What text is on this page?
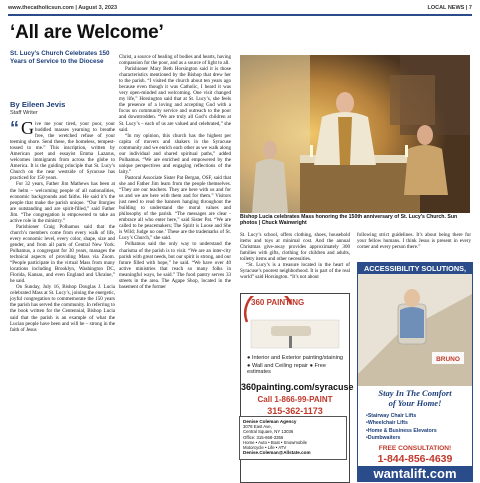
www.thecatholicsun.com | August 3, 2023	LOCAL NEWS | 7
‘All are Welcome’

St. Lucy’s Church Celebrates 150 Years of Service to the Diocese

By Eileen Jevis
Staff Writer

“ G ive me your tired, your poor, your huddled masses yearning to breathe free, the wretched refuse of your teeming shore. Send these, the homeless, tempest-tossed to me.” This inscription, written by American poet and essayist Emma Lazarus, welcomes immigrants from across the globe to America. It is the guiding principle that St. Lucy’s Church on the near westside of Syracuse has practiced for 150 years.

For 32 years, Father Jim Mathews has been at the helm – welcoming people of all nationalities, economic backgrounds and faiths. He said it’s the people that make the parish unique. “Our liturgies are outstanding and are spirit-filled,” said Father Jim. “The congregation is empowered to take an active role in the ministry.”

Parishioner Craig Polhamus said that the church’s members come from every walk of life, every economic level, every color, shape, size and gender, and from all parts of Central New York. Polhamus, a congregant for 30 years, manages the technical aspects of providing Mass via Zoom. “People participate in the virtual Mass from many locations including Brooklyn, Washington DC, Florida, Kansas, and even England and Ukraine,” he said.

On Sunday, July 16, Bishop Douglas J. Lucia celebrated Mass at St. Lucy’s, joining the energetic, joyful congregation to commemorate the 150 years the parish has served the community. In referring to the book written for the Centennial, Bishop Lucia said that the parish is an example of what the Lucian people have been and will be – strong in the faith of Jesus

Christ, a source of healing of bodies and hearts, having compassion for the poor, and as a source of light to all.

Parishioner Mary Beth Horsington said it is those characteristics mentioned by the Bishop that drew her to the parish. “I visited the church about ten years ago because even though it was Catholic, I heard it was very open-minded and welcoming. One visit changed my life,” Horsington said that at St. Lucy’s, she feels the presence of a loving and accepting God with a focus on community service and outreach to the poor and downtrodden. “We are truly all God’s children at St. Lucy’s – each of us are valued and celebrated,” she said.

“In my opinion, this church has the highest per capita of movers and shakers in the Syracuse community and we enrich each other as we walk along our individual and shared spiritual paths,” added Polhamus. “We are enriched and empowered by the unique perspectives and engaging reflections of the laity.”

Pastoral Associate Sister Pat Bergan, OSF, said that she and Father Jim learn from the people themselves. “They are our teachers. They are here with us and for us and we are here with them and for them.” Visitors just need to read the banners hanging throughout the building to understand the moral values and philosophy of the parish. “The messages are clear - embrace all who enter here,” said Sister Pat. “We are called to be peacemakers; The Spirit is Loose and She is Wild; Judge no one.’ These are the trademarks of St. Lucy’s Church,” she said.

Polhamus said the only way to understand the charisma of the parish is to visit. “We are an inter-city parish with great needs, but our spirit is strong, and our future filled with hope,” he said. “We have over 40 active ministries that reach so many folks in meaningful ways, he said.” The food pantry serves 33 streets in the area. The Agape Shop, located in the basement of the former

Bishop Lucia celebrates Mass honoring the 150th anniversary of St. Lucy’s Church. Sun photos | Chuck Wainwright

St. Lucy’s school, offers clothing, shoes, household items and toys at minimal cost. And the annual Christmas give-away provides approximately 300 families with gifts, clothing for children and adults, toiletry items and other necessities.

“St. Lucy’s is a treasure located in the heart of Syracuse’s poorest neighborhood. It is part of the real world” said Horsington. “It’s not about

following strict guidelines. It’s about being there for your fellow humans. I think Jesus is present in every corner and every person there.”

360 PAINTING
● Interior and Exterior painting/staining
● Wall and Ceiling repair ● Free estimates
360painting.com/syracuse
Call 1-866-99-PAINT
315-362-1173
Denise Coleman Agency
3078 East Ave,
Central Square, NY 13036
Office: 315-668-3356
Home • Auto • Boat • Snowmobile
Motorcycle • Life • ATV
Denise.Coleman@Allstate.com
ACCESSIBILITY SOLUTIONS,
BRUNO
Stay In The Comfort
of Your Home!
• Stairway Chair Lifts
• Wheelchair Lifts
• Home & Business Elevators
• Dumbwaiters
FREE CONSULTATION!
1-844-856-4639
wantalift.com
